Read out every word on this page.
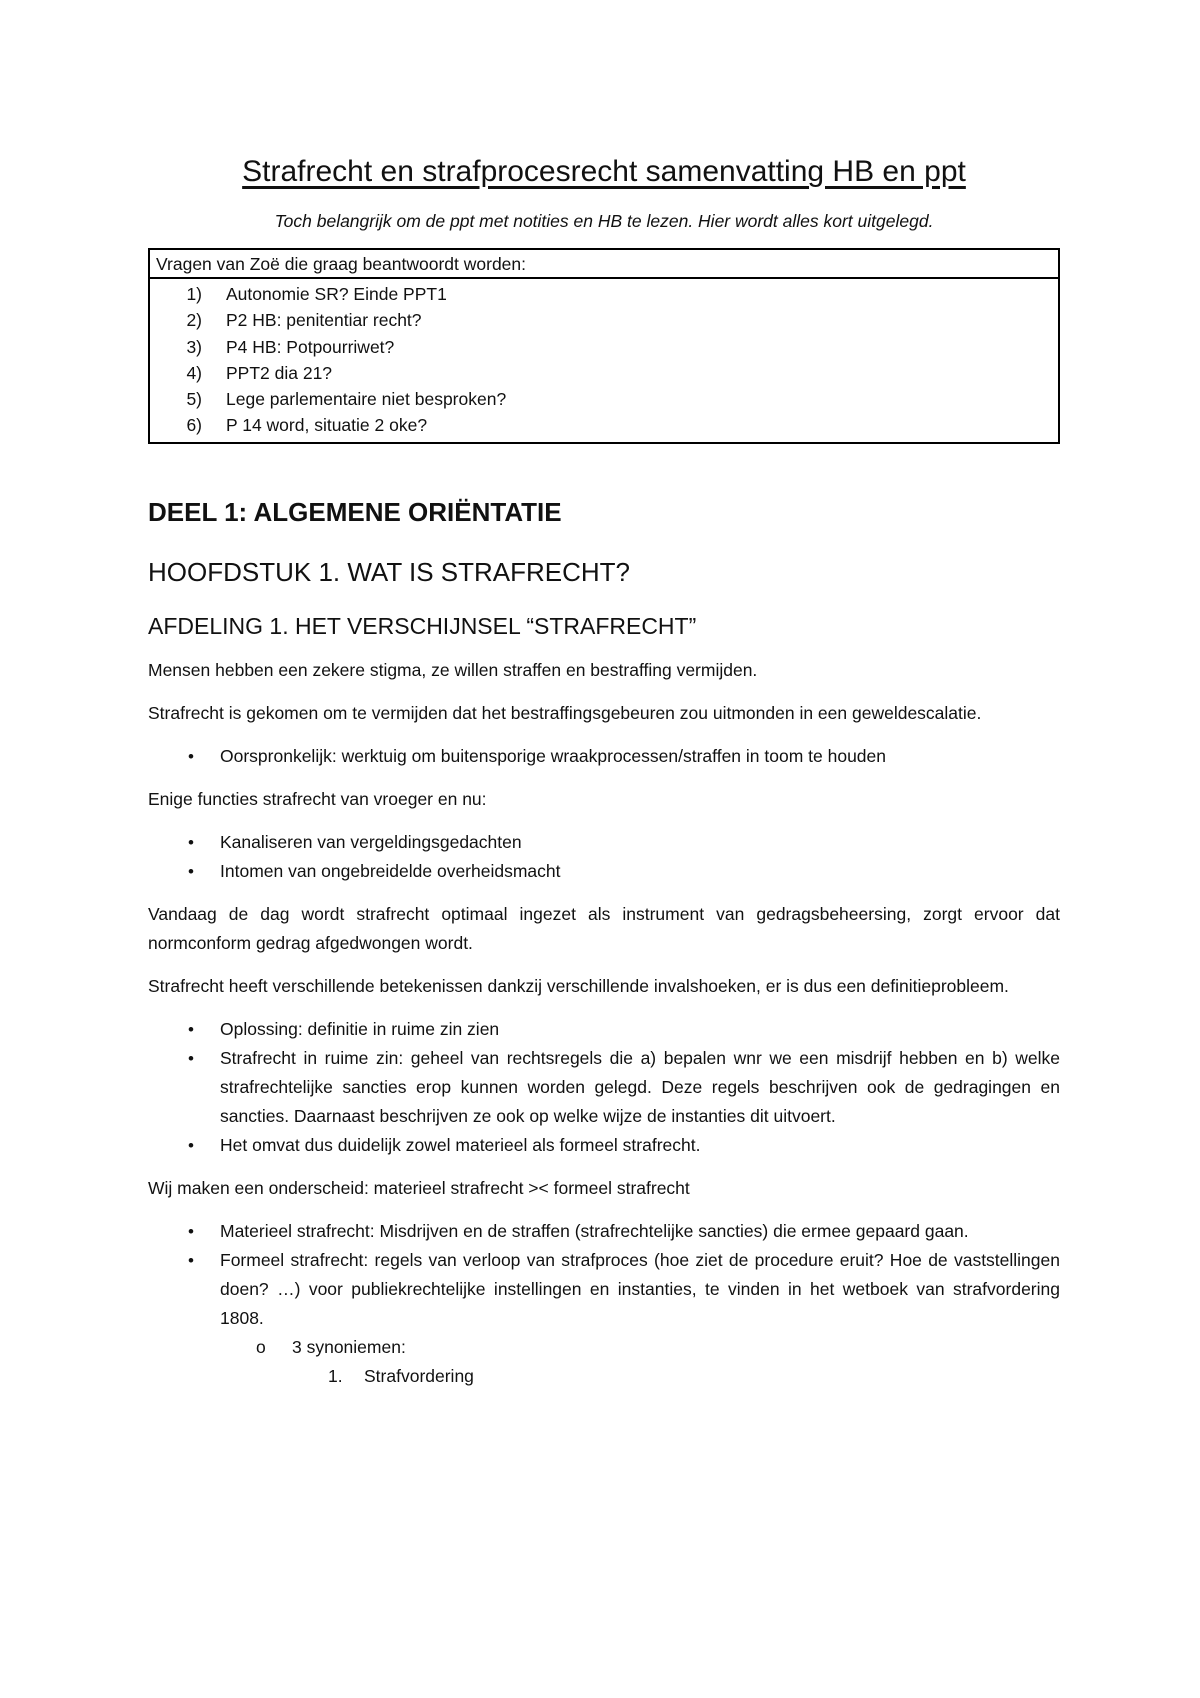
Strafrecht en strafprocesrecht samenvatting HB en ppt

Toch belangrijk om de ppt met notities en HB te lezen. Hier wordt alles kort uitgelegd.

Vragen van Zoë die graag beantwoordt worden:
1)	Autonomie SR? Einde PPT1
2)	P2 HB: penitentiar recht?
3)	P4 HB: Potpourriwet?
4)	PPT2 dia 21?
5)	Lege parlementaire niet besproken?
6)	P 14 word, situatie 2 oke?
DEEL 1: ALGEMENE ORIËNTATIE
HOOFDSTUK 1. WAT IS STRAFRECHT?
AFDELING 1. HET VERSCHIJNSEL “STRAFRECHT”

Mensen hebben een zekere stigma, ze willen straffen en bestraffing vermijden.

Strafrecht is gekomen om te vermijden dat het bestraffingsgebeuren zou uitmonden in een geweldescalatie.

• Oorspronkelijk: werktuig om buitensporige wraakprocessen/straffen in toom te houden

Enige functies strafrecht van vroeger en nu:

• Kanaliseren van vergeldingsgedachten
• Intomen van ongebreidelde overheidsmacht

Vandaag de dag wordt strafrecht optimaal ingezet als instrument van gedragsbeheersing, zorgt ervoor dat normconform gedrag afgedwongen wordt.

Strafrecht heeft verschillende betekenissen dankzij verschillende invalshoeken, er is dus een definitieprobleem.

• Oplossing: definitie in ruime zin zien
• Strafrecht in ruime zin: geheel van rechtsregels die a) bepalen wnr we een misdrijf hebben en b) welke strafrechtelijke sancties erop kunnen worden gelegd. Deze regels beschrijven ook de gedragingen en sancties. Daarnaast beschrijven ze ook op welke wijze de instanties dit uitvoert.
• Het omvat dus duidelijk zowel materieel als formeel strafrecht.

Wij maken een onderscheid: materieel strafrecht >< formeel strafrecht

• Materieel strafrecht: Misdrijven en de straffen (strafrechtelijke sancties) die ermee gepaard gaan.
• Formeel strafrecht: regels van verloop van strafproces (hoe ziet de procedure eruit? Hoe de vaststellingen doen? …) voor publiekrechtelijke instellingen en instanties, te vinden in het wetboek van strafvordering 1808.
o 3 synoniemen:
1. Strafvordering
